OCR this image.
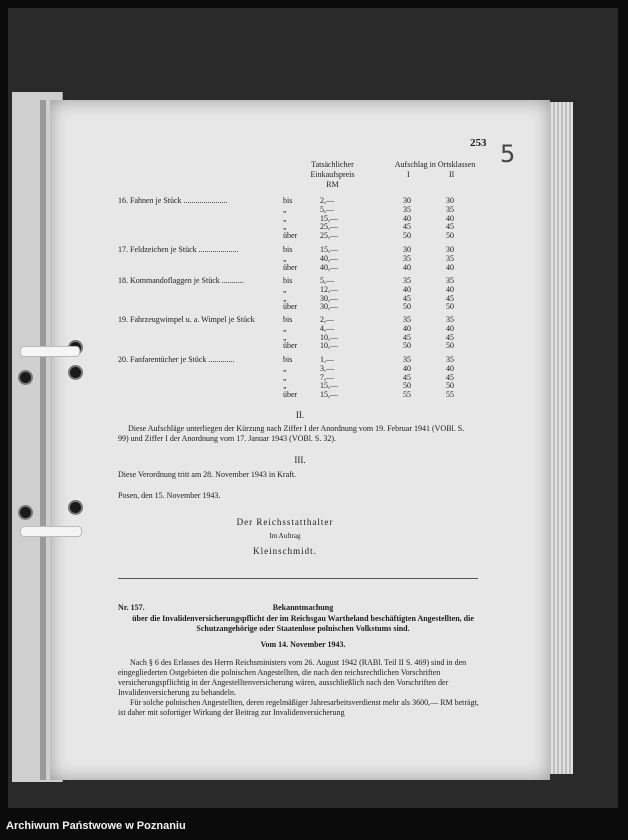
253 5
Tatsächlicher
Einkaufspreis
RM
Aufschlag in Ortsklassen
I	II
16. Fahnen je Stück ......................	bis	2,—	30	30
„	5,—	35	35
„	15,—	40	40
„	25,—	45	45
über	25,—	50	50
17. Feldzeichen je Stück ....................	bis	15,—	30	30
„	40,—	35	35
über	40,—	40	40
18. Kommandoflaggen je Stück ...........	bis	5,—	35	35
„	12,—	40	40
„	30,—	45	45
über	30,—	50	50
19. Fahrzeugwimpel u. a. Wimpel je Stück	bis	2,—	35	35
„	4,—	40	40
„	10,—	45	45
über	10,—	50	50
20. Fanfarentücher je Stück .............	bis	1,—	35	35
„	3,—	40	40
„	7,—	45	45
„	15,—	50	50
über	15,—	55	55
II.
Diese Aufschläge unterliegen der Kürzung nach Ziffer I der Anordnung vom 19. Februar 1941 (VOBl. S. 99) und Ziffer I der Anordnung vom 17. Januar 1943 (VOBl. S. 32).
III.
Diese Verordnung tritt am 28. November 1943 in Kraft.
Posen, den 15. November 1943.
Der Reichsstatthalter
Im Auftrag
Kleinschmidt.
Nr. 157.	Bekanntmachung
über die Invalidenversicherungspflicht der im Reichsgau Wartheland beschäftigten Angestellten, die Schutzangehörige oder Staatenlose polnischen Volkstums sind.
Vom 14. November 1943.
Nach § 6 des Erlasses des Herrn Reichsministers vom 26. August 1942 (RABl. Teil II S. 469) sind in den eingegliederten Ostgebieten die polnischen Angestellten, die nach den reichsrechtlichen Vorschriften versicherungspflichtig in der Angestelltenversicherung wären, ausschließlich nach den Vorschriften der Invalidenversicherung zu behandeln.
Für solche polnischen Angestellten, deren regelmäßiger Jahresarbeitsverdienst mehr als 3600,— RM beträgt, ist daher mit sofortiger Wirkung der Beitrag zur Invalidenversicherung
Archiwum Państwowe w Poznaniu
